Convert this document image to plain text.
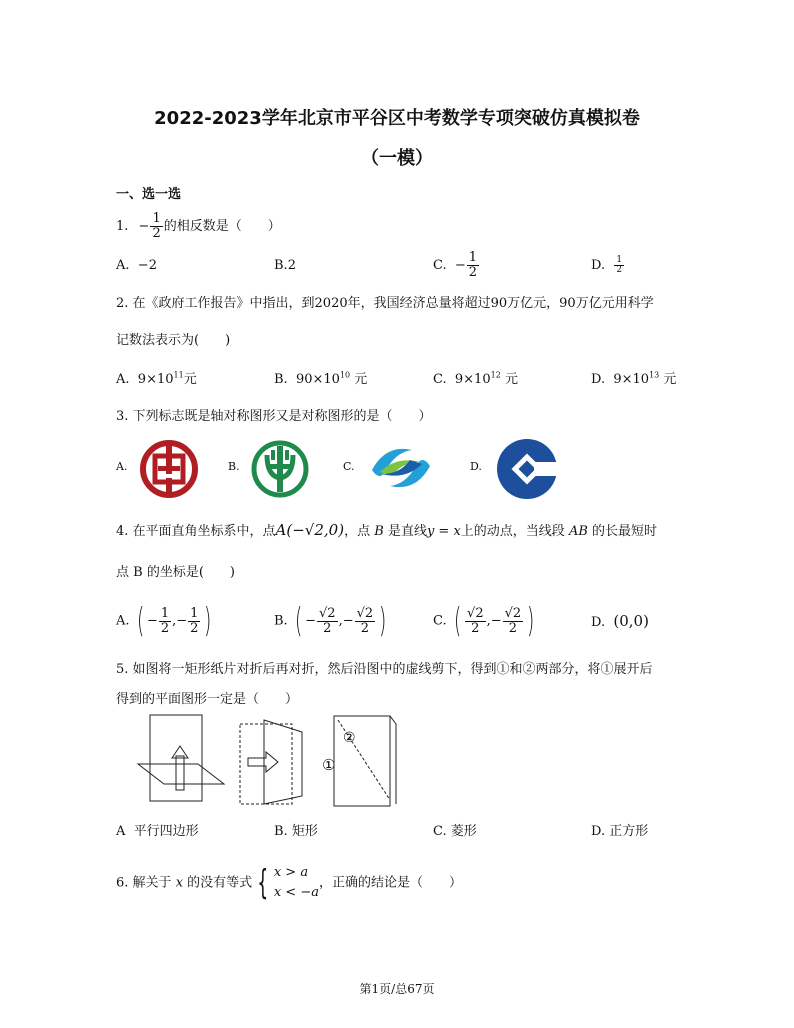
2022-2023学年北京市平谷区中考数学专项突破仿真模拟卷
（一模）
一、选一选
1. − $\frac{1}{2}$ 的相反数是（　　）
A. −2	B.2	C. − $\frac{1}{2}$	D. $\frac{1}{2}$
2. 在《政府工作报告》中指出，到2020年，我国经济总量将超过90万亿元，90万亿元用科学
记数法表示为(　　)
A. $9\times 10^{11}$元	B. $90\times 10^{10}$ 元	C. $9\times 10^{12}$ 元	D. $9\times 10^{13}$ 元
3. 下列标志既是轴对称图形又是对称图形的是（　　）
A.	B.	C.	D.
4. 在平面直角坐标系中，点A(−√2,0)，点 B 是直线y = x上的动点，当线段 AB 的长最短时
点 B 的坐标是(　　)
A. ( − $\frac{1}{2}$ ,− $\frac{1}{2}$ )	B. ( − $\frac{√2}{2}$ ,− $\frac{√2}{2}$ )	C. ( $\frac{√2}{2}$ ,− $\frac{√2}{2}$ )	D. (0,0)
5. 如图将一矩形纸片对折后再对折，然后沿图中的虚线剪下，得到①和②两部分，将①展开后
得到的平面图形一定是（　　）
①
②
A 平行四边形	B. 矩形	C. 菱形	D. 正方形
6. 解关于 x 的没有等式 { x > a
x < −a
，正确的结论是（　　）
第1页/总67页
